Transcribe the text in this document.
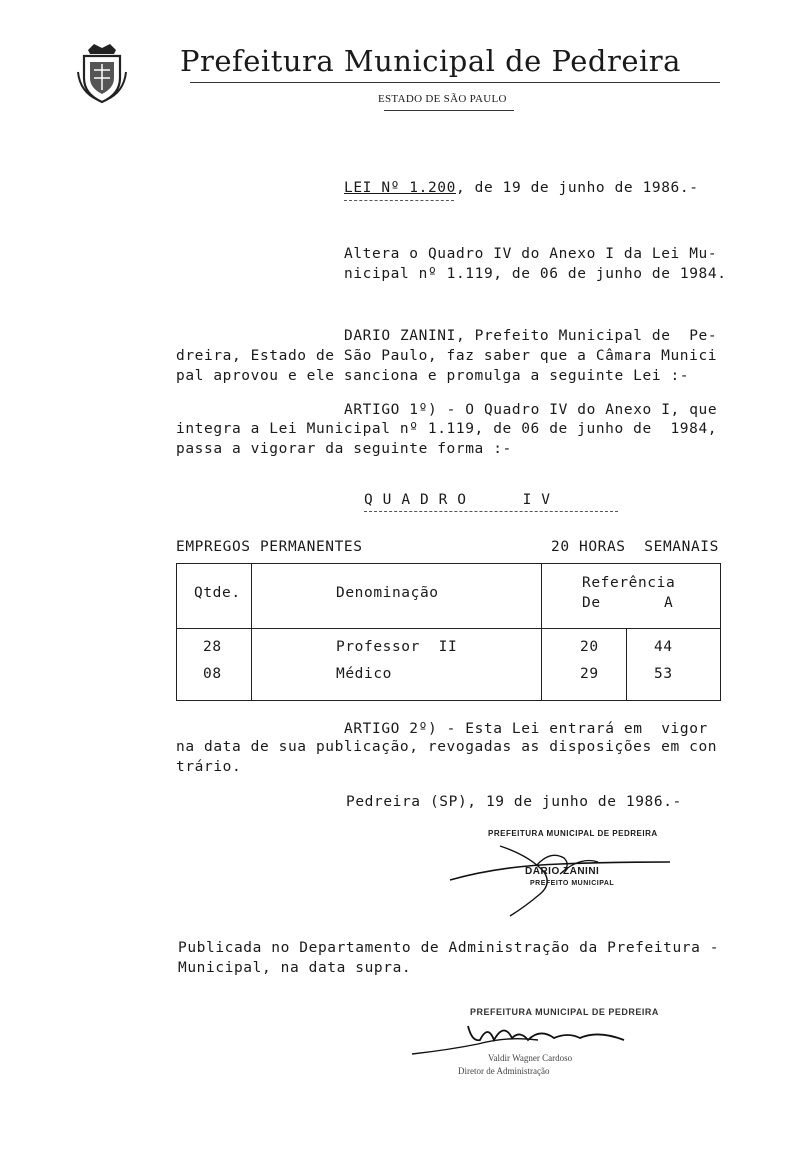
Prefeitura Municipal de Pedreira
ESTADO DE SÃO PAULO
LEI Nº 1.200, de 19 de junho de 1986.-
Altera o Quadro IV do Anexo I da Lei Mu-
nicipal nº 1.119, de 06 de junho de 1984.
DARIO ZANINI, Prefeito Municipal de  Pe-
dreira, Estado de São Paulo, faz saber que a Câmara Munici
pal aprovou e ele sanciona e promulga a seguinte Lei :-
ARTIGO 1º) - O Quadro IV do Anexo I, que
integra a Lei Municipal nº 1.119, de 06 de junho de  1984,
passa a vigorar da seguinte forma :-
Q U A D R O      I V
EMPREGOS PERMANENTES	20 HORAS  SEMANAIS
Qtde.	Denominação
Referência
De	A
28	Professor  II	20	44
08	Médico	29	53
ARTIGO 2º) - Esta Lei entrará em  vigor
na data de sua publicação, revogadas as disposições em con
trário.
Pedreira (SP), 19 de junho de 1986.-
PREFEITURA MUNICIPAL DE PEDREIRA
DARIO ZANINI
PREFEITO MUNICIPAL
Publicada no Departamento de Administração da Prefeitura -
Municipal, na data supra.
PREFEITURA MUNICIPAL DE PEDREIRA
Valdir Wagner Cardoso
Diretor de Administração
